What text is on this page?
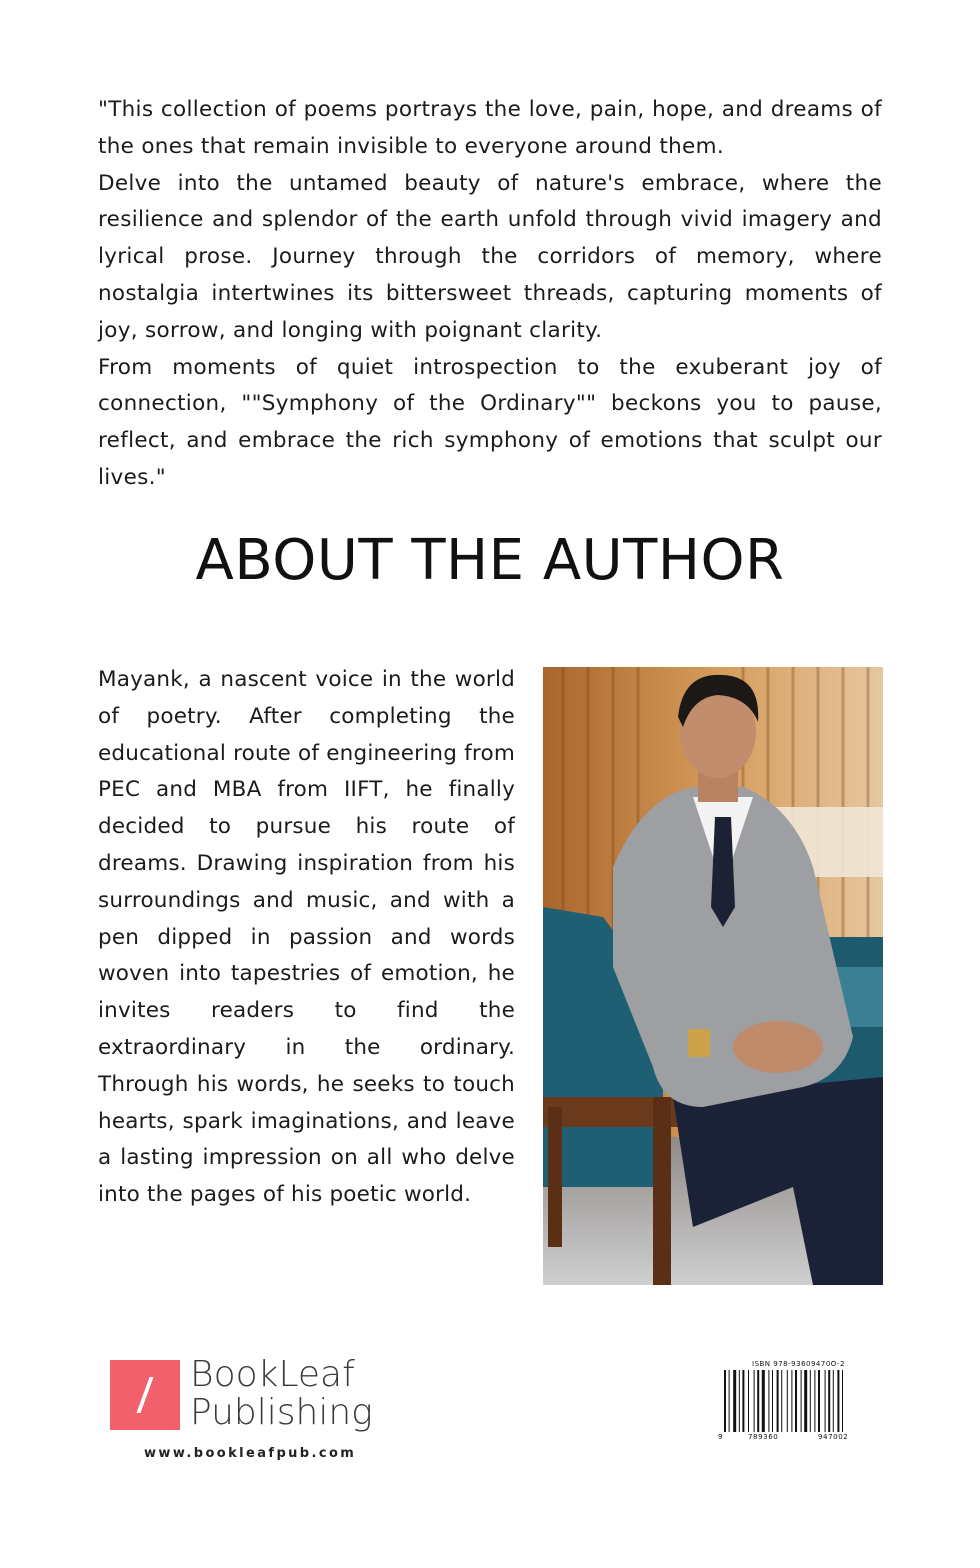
"This collection of poems portrays the love, pain, hope, and dreams of the ones that remain invisible to everyone around them.

Delve into the untamed beauty of nature's embrace, where the resilience and splendor of the earth unfold through vivid imagery and lyrical prose. Journey through the corridors of memory, where nostalgia intertwines its bittersweet threads, capturing moments of joy, sorrow, and longing with poignant clarity.

From moments of quiet introspection to the exuberant joy of connection, ""Symphony of the Ordinary"" beckons you to pause, reflect, and embrace the rich symphony of emotions that sculpt our lives."

ABOUT THE AUTHOR

Mayank, a nascent voice in the world of poetry. After completing the educational route of engineering from PEC and MBA from IIFT, he finally decided to pursue his route of dreams. Drawing inspiration from his surroundings and music, and with a pen dipped in passion and words woven into tapestries of emotion, he invites readers to find the extraordinary in the ordinary. Through his words, he seeks to touch hearts, spark imaginations, and leave a lasting impression on all who delve into the pages of his poetic world.

BookLeaf
Publishing
www.bookleafpub.com
ISBN 978-93609470O-2
9	789360	947002
